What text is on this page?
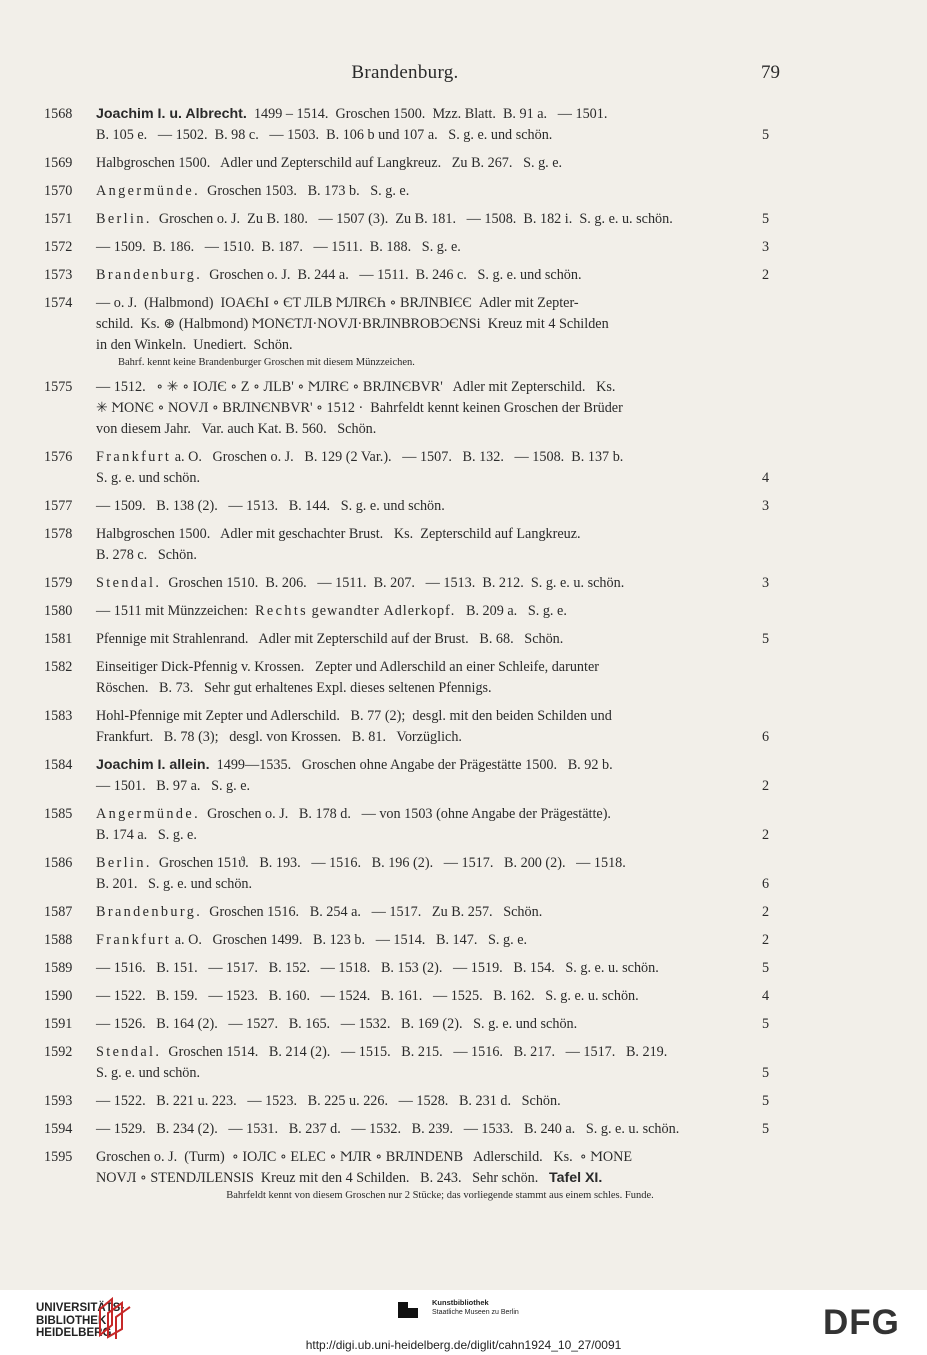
Brandenburg.	79
1568	Joachim I. u. Albrecht.  1499 – 1514.  Groschen 1500.  Mzz. Blatt.  B. 91 a.   — 1501.
B. 105 e.   — 1502.  B. 98 c.   — 1503.  B. 106 b und 107 a.   S. g. e. und schön.	5
1569	Halbgroschen 1500.   Adler und Zepterschild auf Langkreuz.   Zu B. 267.   S. g. e.
1570	Angermünde.  Groschen 1503.   B. 173 b.   S. g. e.
1571	Berlin.  Groschen o. J.  Zu B. 180.   — 1507 (3).  Zu B. 181.   — 1508.  B. 182 i.  S. g. e. u. schön.	5
1572	— 1509.  B. 186.   — 1510.  B. 187.   — 1511.  B. 188.   S. g. e.	3
1573	Brandenburg.  Groschen o. J.  B. 244 a.   — 1511.  B. 246 c.   S. g. e. und schön.	2
1574	— o. J.  (Halbmond)  IOAЄҺI ∘ ЄT ЛLB ϺЛRЄҺ ∘ BRЛNBIЄЄ  Adler mit Zepter-
schild.  Ks. ⊛ (Halbmond) ϺONЄTЛ·NOVЛ·BRЛNBROBƆЄNSi  Kreuz mit 4 Schilden
in den Winkeln.  Unediert.  Schön.
Bahrf. kennt keine Brandenburger Groschen mit diesem Münzzeichen.
1575	— 1512.   ∘ ✳ ∘ IOЛЄ ∘ Z ∘ ЛLB' ∘ ϺЛRЄ ∘ BRЛNЄBVR'   Adler mit Zepterschild.   Ks.
✳ ϺONЄ ∘ NOVЛ ∘ BRЛNЄNBVR' ∘ 1512 ·  Bahrfeldt kennt keinen Groschen der Brüder
von diesem Jahr.   Var. auch Kat. B. 560.   Schön.
1576	Frankfurt a. O.   Groschen o. J.   B. 129 (2 Var.).   — 1507.   B. 132.   — 1508.  B. 137 b.
S. g. e. und schön.	4
1577	— 1509.   B. 138 (2).   — 1513.   B. 144.   S. g. e. und schön.	3
1578	Halbgroschen 1500.   Adler mit geschachter Brust.   Ks.  Zepterschild auf Langkreuz.
B. 278 c.   Schön.
1579	Stendal.  Groschen 1510.  B. 206.   — 1511.  B. 207.   — 1513.  B. 212.  S. g. e. u. schön.	3
1580	— 1511 mit Münzzeichen:  Rechts gewandter Adlerkopf.   B. 209 a.   S. g. e.
1581	Pfennige mit Strahlenrand.   Adler mit Zepterschild auf der Brust.   B. 68.   Schön.	5
1582	Einseitiger Dick-Pfennig v. Krossen.   Zepter und Adlerschild an einer Schleife, darunter
Röschen.   B. 73.   Sehr gut erhaltenes Expl. dieses seltenen Pfennigs.
1583	Hohl-Pfennige mit Zepter und Adlerschild.   B. 77 (2);  desgl. mit den beiden Schilden und
Frankfurt.   B. 78 (3);   desgl. von Krossen.   B. 81.   Vorzüglich.	6
1584	Joachim I. allein.  1499—1535.   Groschen ohne Angabe der Prägestätte 1500.   B. 92 b.
— 1501.   B. 97 a.   S. g. e.	2
1585	Angermünde.  Groschen o. J.   B. 178 d.   — von 1503 (ohne Angabe der Prägestätte).
B. 174 a.   S. g. e.	2
1586	Berlin.  Groschen 151ϑ.   B. 193.   — 1516.   B. 196 (2).   — 1517.   B. 200 (2).   — 1518.
B. 201.   S. g. e. und schön.	6
1587	Brandenburg.  Groschen 1516.   B. 254 a.   — 1517.   Zu B. 257.   Schön.	2
1588	Frankfurt a. O.   Groschen 1499.   B. 123 b.   — 1514.   B. 147.   S. g. e.	2
1589	— 1516.   B. 151.   — 1517.   B. 152.   — 1518.   B. 153 (2).   — 1519.   B. 154.   S. g. e. u. schön.	5
1590	— 1522.   B. 159.   — 1523.   B. 160.   — 1524.   B. 161.   — 1525.   B. 162.   S. g. e. u. schön.	4
1591	— 1526.   B. 164 (2).   — 1527.   B. 165.   — 1532.   B. 169 (2).   S. g. e. und schön.	5
1592	Stendal.  Groschen 1514.   B. 214 (2).   — 1515.   B. 215.   — 1516.   B. 217.   — 1517.   B. 219.
S. g. e. und schön.	5
1593	— 1522.   B. 221 u. 223.   — 1523.   B. 225 u. 226.   — 1528.   B. 231 d.   Schön.	5
1594	— 1529.   B. 234 (2).   — 1531.   B. 237 d.   — 1532.   B. 239.   — 1533.   B. 240 a.   S. g. e. u. schön.	5
1595	Groschen o. J.  (Turm)  ∘ IOЛC ∘ ELEC ∘ ϺЛR ∘ BRЛNDENB   Adlerschild.   Ks.  ∘ ϺONE
NOVЛ ∘ STENDЛLENSIS  Kreuz mit den 4 Schilden.   B. 243.   Sehr schön.   Tafel XI.
Bahrfeldt kennt von diesem Groschen nur 2 Stücke; das vorliegende stammt aus einem schles. Funde.
UNIVERSITÄTS-
BIBLIOTHEK
HEIDELBERG
Kunstbibliothek
Staatliche Museen zu Berlin	DFG
http://digi.ub.uni-heidelberg.de/diglit/cahn1924_10_27/0091
